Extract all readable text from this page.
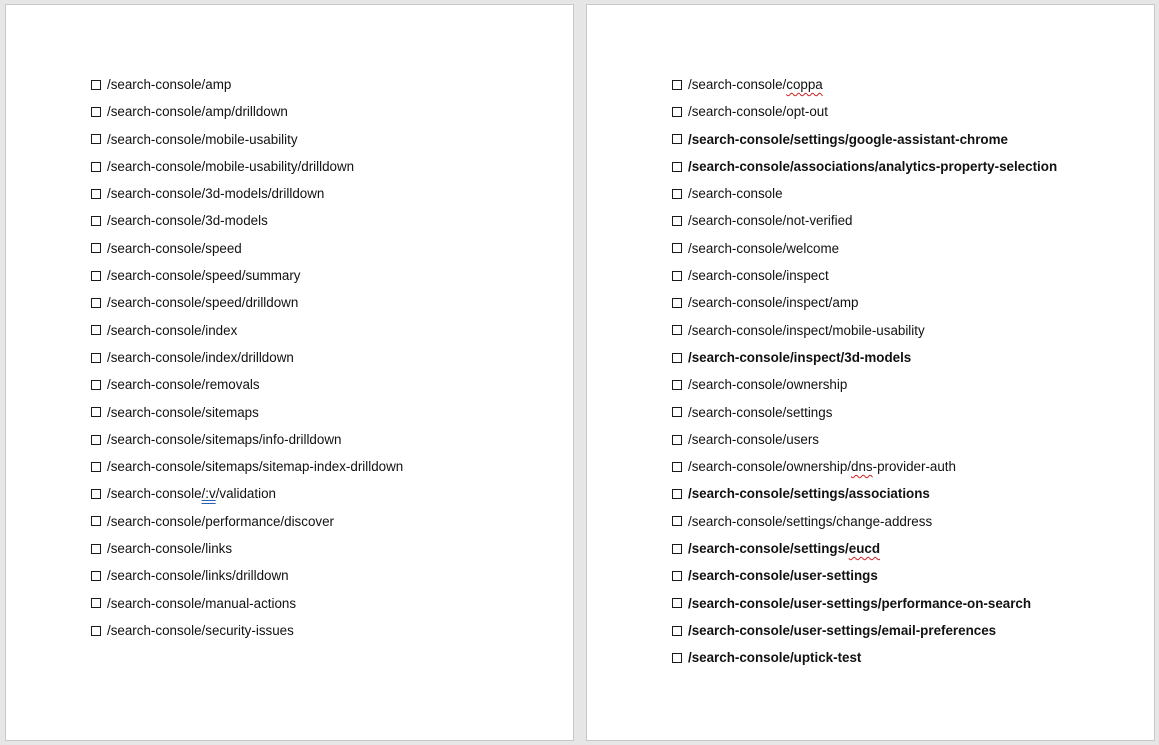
/search-console/amp
/search-console/amp/drilldown
/search-console/mobile-usability
/search-console/mobile-usability/drilldown
/search-console/3d-models/drilldown
/search-console/3d-models
/search-console/speed
/search-console/speed/summary
/search-console/speed/drilldown
/search-console/index
/search-console/index/drilldown
/search-console/removals
/search-console/sitemaps
/search-console/sitemaps/info-drilldown
/search-console/sitemaps/sitemap-index-drilldown
/search-console/:v/validation
/search-console/performance/discover
/search-console/links
/search-console/links/drilldown
/search-console/manual-actions
/search-console/security-issues
/search-console/coppa
/search-console/opt-out
/search-console/settings/google-assistant-chrome
/search-console/associations/analytics-property-selection
/search-console
/search-console/not-verified
/search-console/welcome
/search-console/inspect
/search-console/inspect/amp
/search-console/inspect/mobile-usability
/search-console/inspect/3d-models
/search-console/ownership
/search-console/settings
/search-console/users
/search-console/ownership/dns-provider-auth
/search-console/settings/associations
/search-console/settings/change-address
/search-console/settings/eucd
/search-console/user-settings
/search-console/user-settings/performance-on-search
/search-console/user-settings/email-preferences
/search-console/uptick-test
